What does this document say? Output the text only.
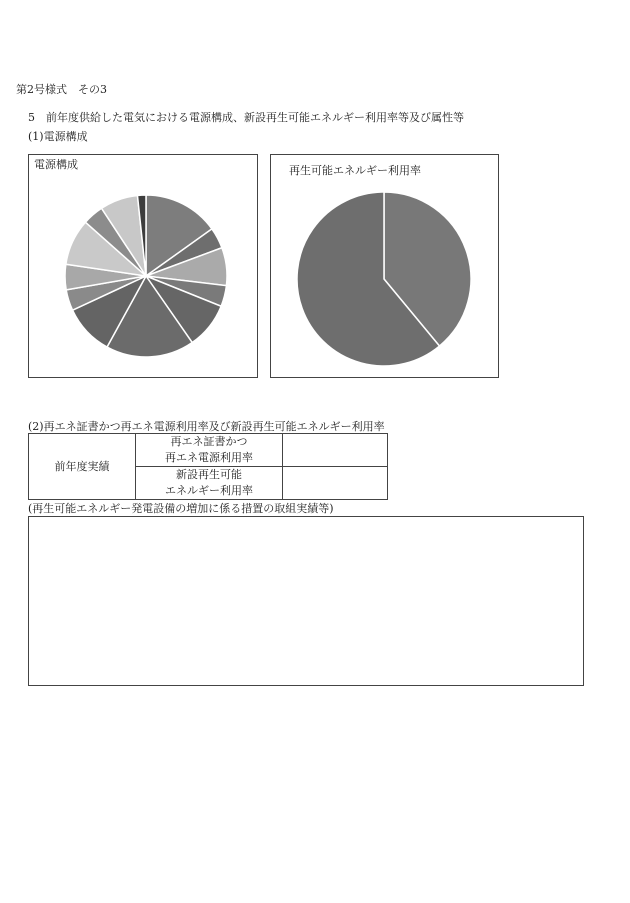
第2号様式　その3
5　前年度供給した電気における電源構成、新設再生可能エネルギー利用率等及び属性等
(1)電源構成
電源構成	再生可能エネルギー利用率
(2)再エネ証書かつ再エネ電源利用率及び新設再生可能エネルギー利用率
前年度実績	再エネ証書かつ
再エネ電源利用率	
	新設再生可能
エネルギー利用率	
(再生可能エネルギー発電設備の増加に係る措置の取組実績等)
